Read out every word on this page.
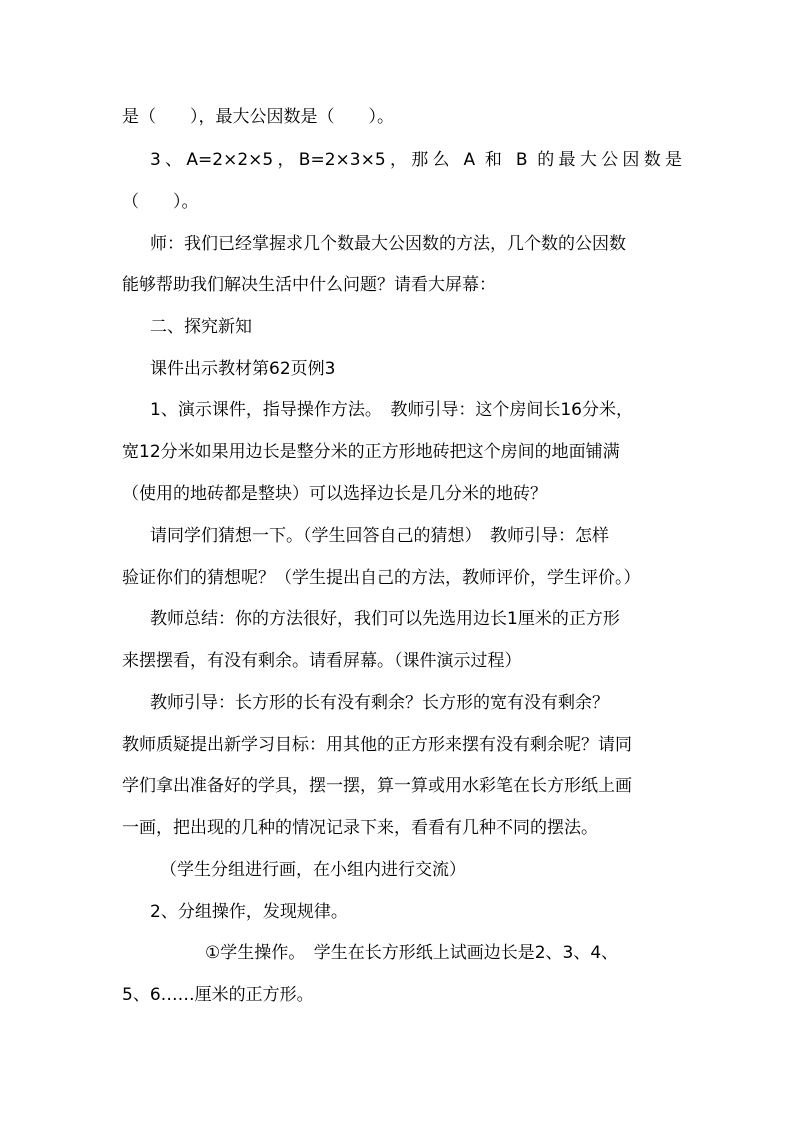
是（　　），最大公因数是（　　）。
3、A=2×2×5，B=2×3×5，那么 A 和 B 的最大公因数是
（　　）。
师：我们已经掌握求几个数最大公因数的方法，几个数的公因数
能够帮助我们解决生活中什么问题？请看大屏幕：
二、探究新知
课件出示教材第62页例3
1、演示课件，指导操作方法。　教师引导：这个房间长16分米，
宽12分米如果用边长是整分米的正方形地砖把这个房间的地面铺满
（使用的地砖都是整块）可以选择边长是几分米的地砖？
请同学们猜想一下。（学生回答自己的猜想）　教师引导：怎样
验证你们的猜想呢？（学生提出自己的方法，教师评价，学生评价。）
教师总结：你的方法很好，我们可以先选用边长1厘米的正方形
来摆摆看，有没有剩余。请看屏幕。（课件演示过程）
教师引导：长方形的长有没有剩余？长方形的宽有没有剩余？
教师质疑提出新学习目标：用其他的正方形来摆有没有剩余呢？请同
学们拿出准备好的学具，摆一摆，算一算或用水彩笔在长方形纸上画
一画，把出现的几种的情况记录下来，看看有几种不同的摆法。
（学生分组进行画，在小组内进行交流）
2、分组操作，发现规律。
①学生操作。　学生在长方形纸上试画边长是2、3、4、
5、6……厘米的正方形。
